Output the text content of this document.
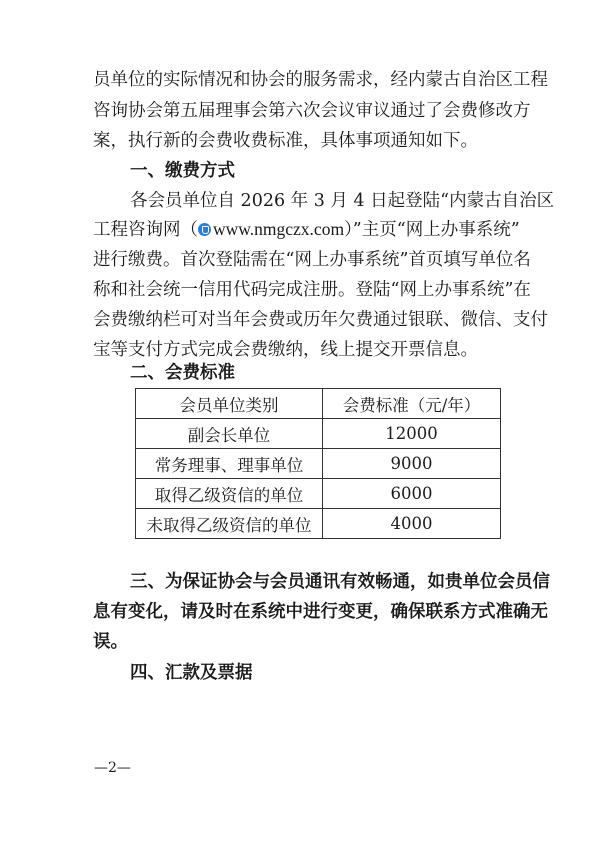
员单位的实际情况和协会的服务需求，经内蒙古自治区工程
咨询协会第五届理事会第六次会议审议通过了会费修改方
案，执行新的会费收费标准，具体事项通知如下。
一、缴费方式
各会员单位自 2026 年 3 月 4 日起登陆“内蒙古自治区
工程咨询网（ www.nmgczx.com）”主页“网上办事系统”
进行缴费。首次登陆需在“网上办事系统”首页填写单位名
称和社会统一信用代码完成注册。登陆“网上办事系统”在
会费缴纳栏可对当年会费或历年欠费通过银联、微信、支付
宝等支付方式完成会费缴纳，线上提交开票信息。
二、会费标准
会员单位类别	会费标准（元/年）
副会长单位	12000
常务理事、理事单位	9000
取得乙级资信的单位	6000
未取得乙级资信的单位	4000
三、为保证协会与会员通讯有效畅通，如贵单位会员信
息有变化，请及时在系统中进行变更，确保联系方式准确无
误。
四、汇款及票据
—2—
